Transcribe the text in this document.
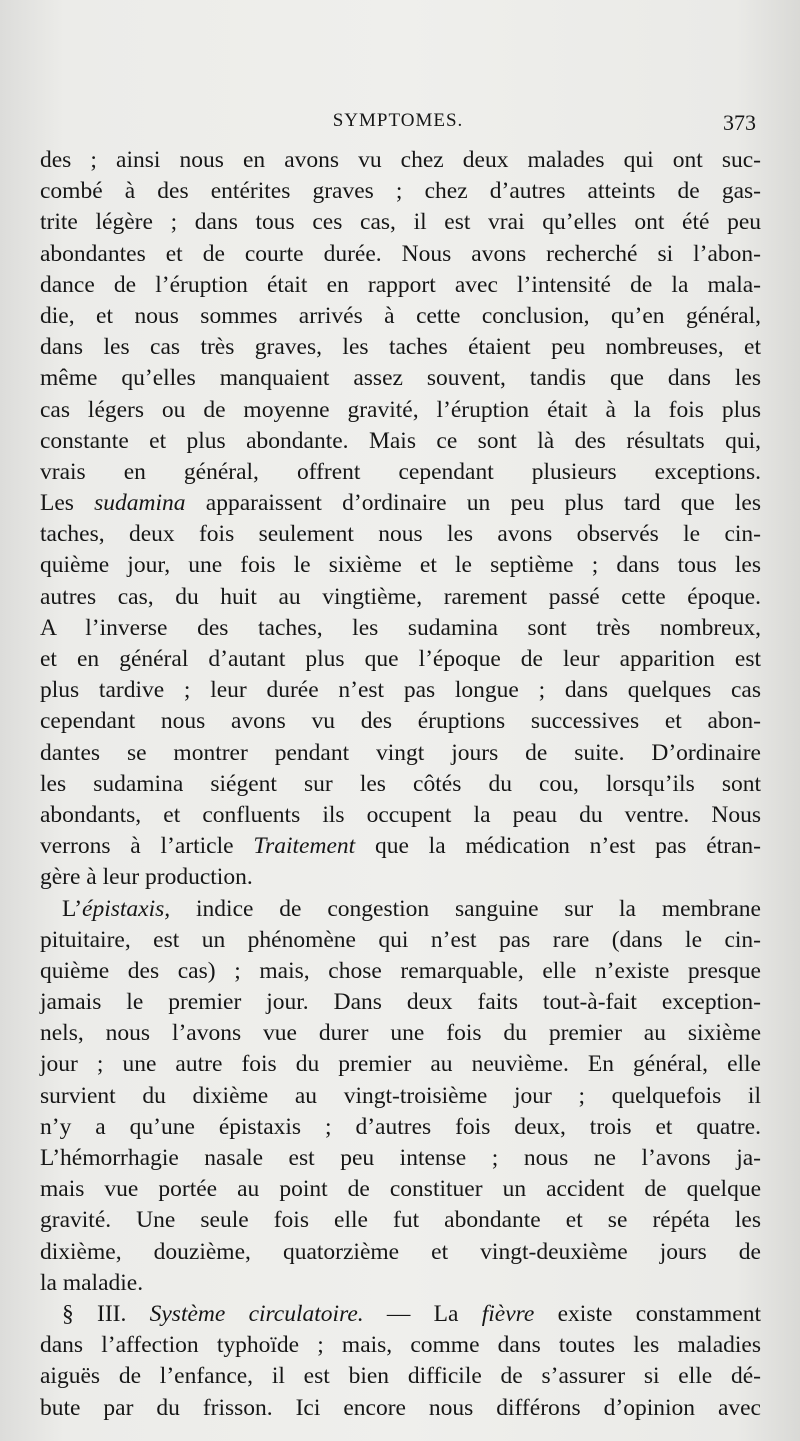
SYMPTOMES.	373
des ; ainsi nous en avons vu chez deux malades qui ont suc-
combé à des entérites graves ; chez d’autres atteints de gas-
trite légère ; dans tous ces cas, il est vrai qu’elles ont été peu
abondantes et de courte durée. Nous avons recherché si l’abon-
dance de l’éruption était en rapport avec l’intensité de la mala-
die, et nous sommes arrivés à cette conclusion, qu’en général,
dans les cas très graves, les taches étaient peu nombreuses, et
même qu’elles manquaient assez souvent, tandis que dans les
cas légers ou de moyenne gravité, l’éruption était à la fois plus
constante et plus abondante. Mais ce sont là des résultats qui,
vrais en général, offrent cependant plusieurs exceptions.
Les sudamina apparaissent d’ordinaire un peu plus tard que les
taches, deux fois seulement nous les avons observés le cin-
quième jour, une fois le sixième et le septième ; dans tous les
autres cas, du huit au vingtième, rarement passé cette époque.
A l’inverse des taches, les sudamina sont très nombreux,
et en général d’autant plus que l’époque de leur apparition est
plus tardive ; leur durée n’est pas longue ; dans quelques cas
cependant nous avons vu des éruptions successives et abon-
dantes se montrer pendant vingt jours de suite. D’ordinaire
les sudamina siégent sur les côtés du cou, lorsqu’ils sont
abondants, et confluents ils occupent la peau du ventre. Nous
verrons à l’article Traitement que la médication n’est pas étran-
gère à leur production.
L’épistaxis, indice de congestion sanguine sur la membrane
pituitaire, est un phénomène qui n’est pas rare (dans le cin-
quième des cas) ; mais, chose remarquable, elle n’existe presque
jamais le premier jour. Dans deux faits tout-à-fait exception-
nels, nous l’avons vue durer une fois du premier au sixième
jour ; une autre fois du premier au neuvième. En général, elle
survient du dixième au vingt-troisième jour ; quelquefois il
n’y a qu’une épistaxis ; d’autres fois deux, trois et quatre.
L’hémorrhagie nasale est peu intense ; nous ne l’avons ja-
mais vue portée au point de constituer un accident de quelque
gravité. Une seule fois elle fut abondante et se répéta les
dixième, douzième, quatorzième et vingt-deuxième jours de
la maladie.
§ III. Système circulatoire. — La fièvre existe constamment
dans l’affection typhoïde ; mais, comme dans toutes les maladies
aiguës de l’enfance, il est bien difficile de s’assurer si elle dé-
bute par du frisson. Ici encore nous différons d’opinion avec
